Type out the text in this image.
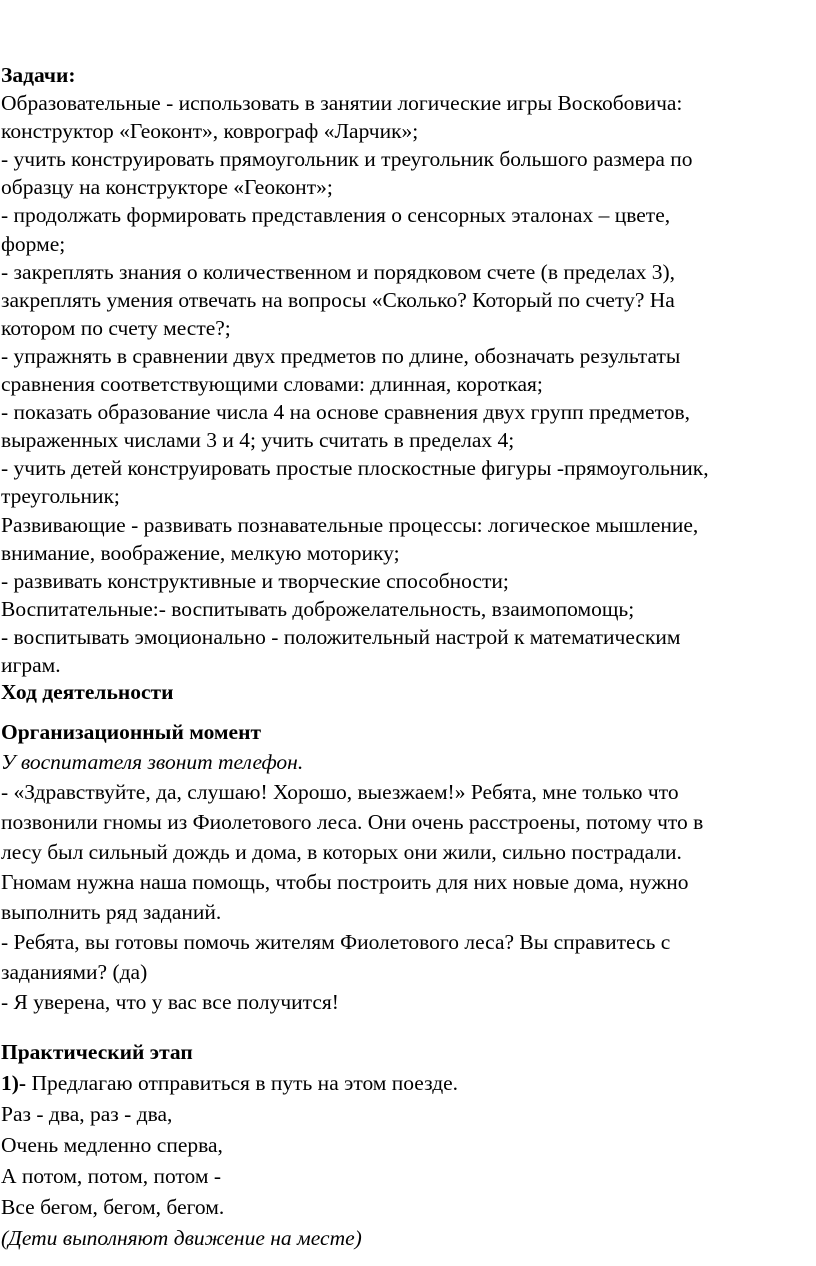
Задачи:

Образовательные - использовать в занятии логические игры Воскобовича:

конструктор «Геоконт», коврограф «Ларчик»;

- учить конструировать прямоугольник и треугольник большого размера по

образцу на конструкторе «Геоконт»;

- продолжать формировать представления о сенсорных эталонах – цвете,

форме;

- закреплять знания о количественном и порядковом счете (в пределах 3),

закреплять умения отвечать на вопросы «Сколько? Который по счету? На

котором по счету месте?;

- упражнять в сравнении двух предметов по длине, обозначать результаты

сравнения соответствующими словами: длинная, короткая;

- показать образование числа 4 на основе сравнения двух групп предметов,

выраженных числами 3 и 4; учить считать в пределах 4;

- учить детей конструировать простые плоскостные фигуры -прямоугольник,

треугольник;

Развивающие - развивать познавательные процессы: логическое мышление,

внимание, воображение, мелкую моторику;

- развивать конструктивные и творческие способности;

Воспитательные:- воспитывать доброжелательность, взаимопомощь;

- воспитывать эмоционально - положительный настрой к математическим

играм.

Ход деятельности

Организационный момент

У воспитателя звонит телефон.

- «Здравствуйте, да, слушаю! Хорошо, выезжаем!» Ребята, мне только что

позвонили гномы из Фиолетового леса. Они очень расстроены, потому что в

лесу был сильный дождь и дома, в которых они жили, сильно пострадали.

Гномам нужна наша помощь, чтобы построить для них новые дома, нужно

выполнить ряд заданий.

- Ребята, вы готовы помочь жителям Фиолетового леса? Вы справитесь с

заданиями? (да)

- Я уверена, что у вас все получится!

Практический этап

1)- Предлагаю отправиться в путь на этом поезде.

Раз - два, раз - два,

Очень медленно сперва,

А потом, потом, потом -

Все бегом, бегом, бегом.

(Дети выполняют движение на месте)
